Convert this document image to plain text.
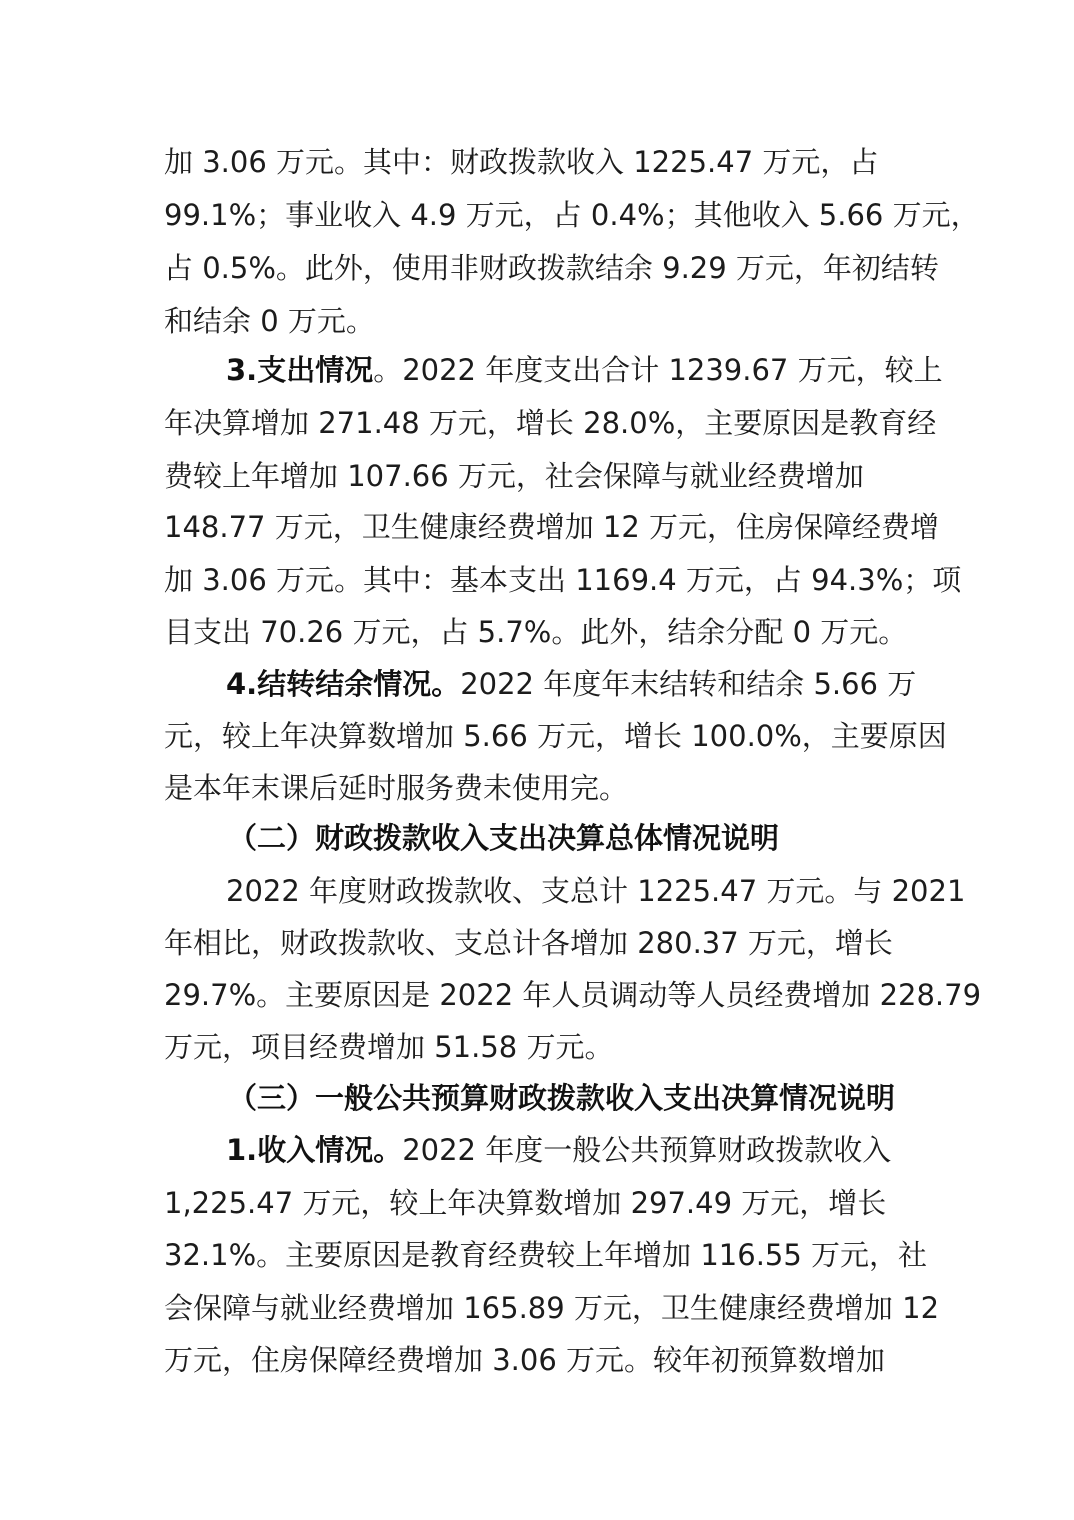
加 3.06 万元。其中：财政拨款收入 1225.47 万元，占

99.1%；事业收入 4.9 万元，占 0.4%；其他收入 5.66 万元，

占 0.5%。此外，使用非财政拨款结余 9.29 万元，年初结转

和结余 0 万元。

3.支出情况。2022 年度支出合计 1239.67 万元，较上

年决算增加 271.48 万元，增长 28.0%，主要原因是教育经

费较上年增加 107.66 万元，社会保障与就业经费增加

148.77 万元，卫生健康经费增加 12 万元，住房保障经费增

加 3.06 万元。其中：基本支出 1169.4 万元，占 94.3%；项

目支出 70.26 万元，占 5.7%。此外，结余分配 0 万元。

4.结转结余情况。2022 年度年末结转和结余 5.66 万

元，较上年决算数增加 5.66 万元，增长 100.0%，主要原因

是本年末课后延时服务费未使用完。

（二）财政拨款收入支出决算总体情况说明

2022 年度财政拨款收、支总计 1225.47 万元。与 2021

年相比，财政拨款收、支总计各增加 280.37 万元，增长

29.7%。主要原因是 2022 年人员调动等人员经费增加 228.79

万元，项目经费增加 51.58 万元。

（三）一般公共预算财政拨款收入支出决算情况说明

1.收入情况。2022 年度一般公共预算财政拨款收入

1,225.47 万元，较上年决算数增加 297.49 万元，增长

32.1%。主要原因是教育经费较上年增加 116.55 万元，社

会保障与就业经费增加 165.89 万元，卫生健康经费增加 12

万元，住房保障经费增加 3.06 万元。较年初预算数增加
